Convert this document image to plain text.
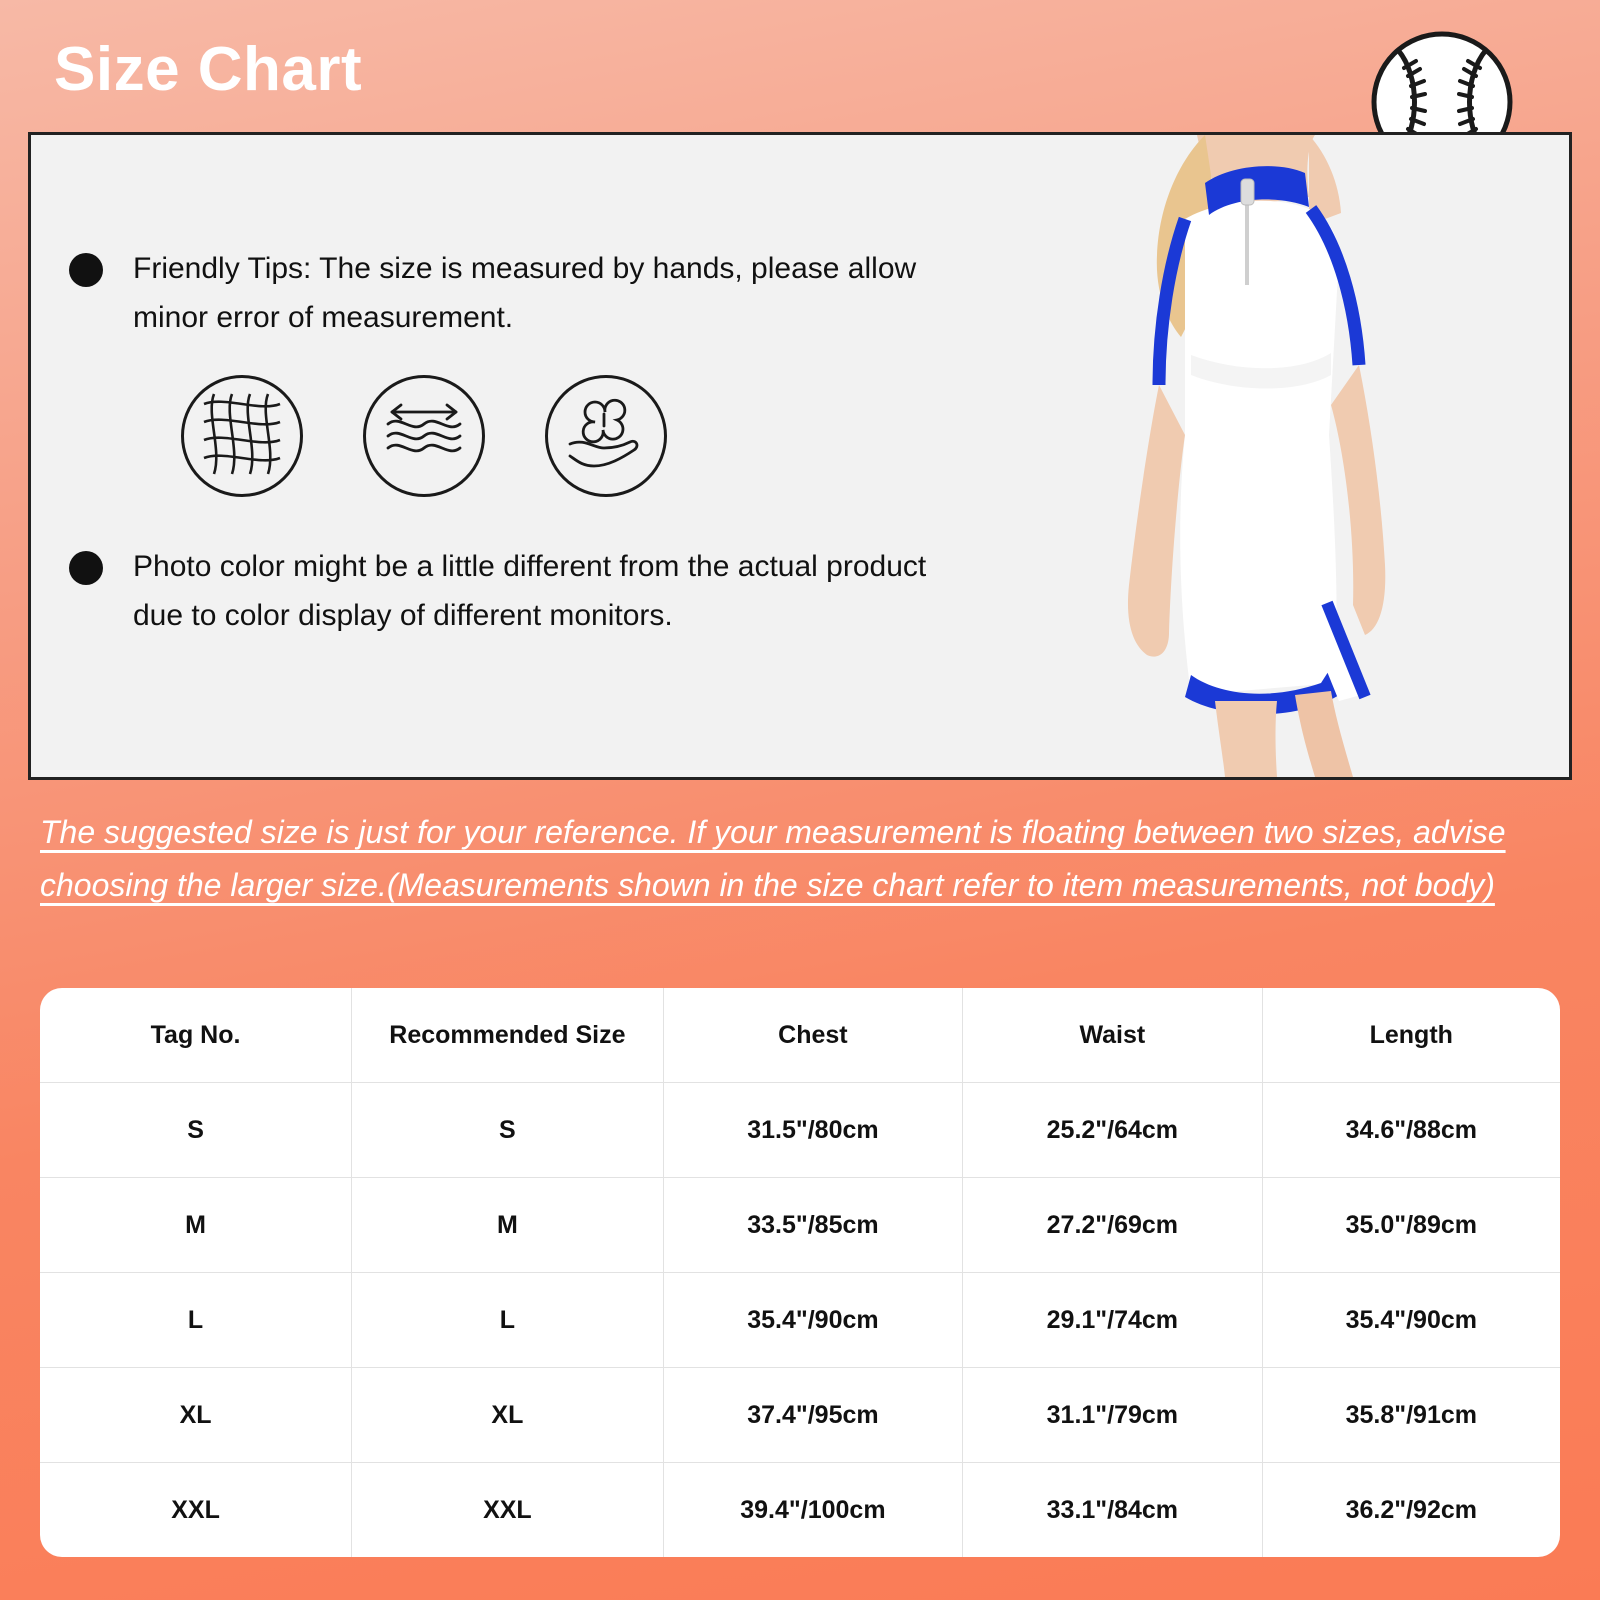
Size Chart
Friendly Tips: The size is measured by hands, please allow minor error of measurement.
Photo color might be a little different from the actual product due to color display of different monitors.
The suggested size is just for your reference. If your measurement is floating between two sizes, advise choosing the larger size.(Measurements shown in the size chart refer to item measurements, not body)
Tag No.	Recommended Size	Chest	Waist	Length
S	S	31.5"/80cm	25.2"/64cm	34.6"/88cm
M	M	33.5"/85cm	27.2"/69cm	35.0"/89cm
L	L	35.4"/90cm	29.1"/74cm	35.4"/90cm
XL	XL	37.4"/95cm	31.1"/79cm	35.8"/91cm
XXL	XXL	39.4"/100cm	33.1"/84cm	36.2"/92cm
